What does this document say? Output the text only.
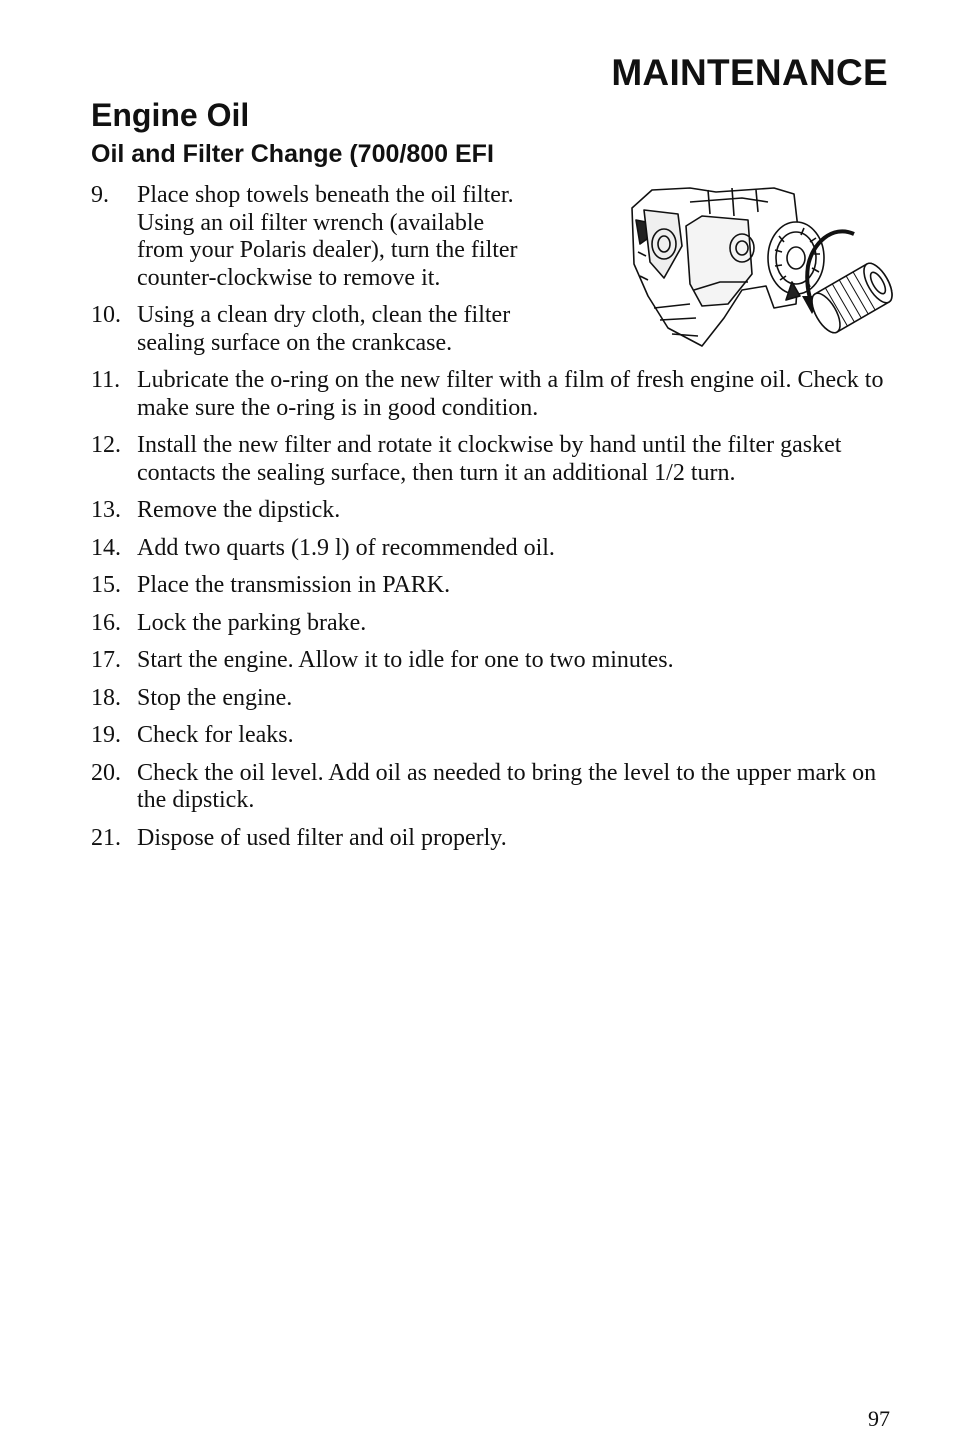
MAINTENANCE
Engine Oil
Oil and Filter Change (700/800 EFI
9. Place shop towels beneath the oil filter. Using an oil filter wrench (available from your Polaris dealer), turn the filter counter-clockwise to remove it.
10. Using a clean dry cloth, clean the filter sealing surface on the crankcase.
11. Lubricate the o-ring on the new filter with a film of fresh engine oil. Check to make sure the o-ring is in good condition.
12. Install the new filter and rotate it clockwise by hand until the filter gasket contacts the sealing surface, then turn it an additional 1/2 turn.
13. Remove the dipstick.
14. Add two quarts (1.9 l) of recommended oil.
15. Place the transmission in PARK.
16. Lock the parking brake.
17. Start the engine. Allow it to idle for one to two minutes.
18. Stop the engine.
19. Check for leaks.
20. Check the oil level. Add oil as needed to bring the level to the upper mark on the dipstick.
21. Dispose of used filter and oil properly.
97
